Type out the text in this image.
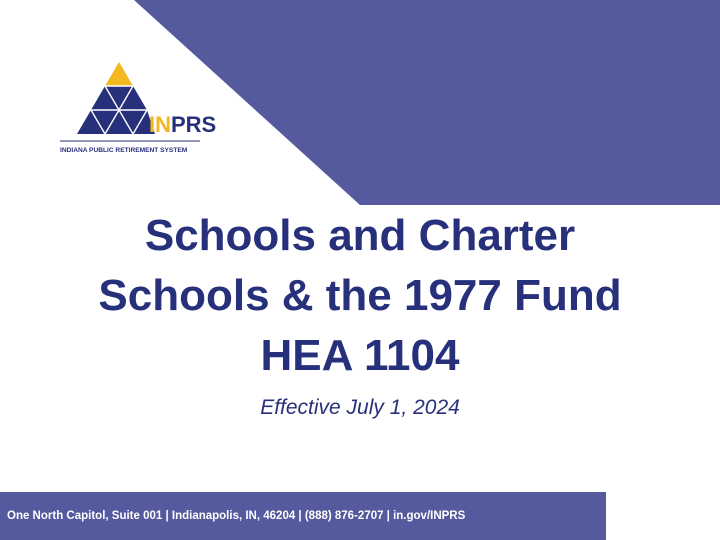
INPRS
INDIANA PUBLIC RETIREMENT SYSTEM
Schools and Charter
Schools & the 1977 Fund
HEA 1104

Effective July 1, 2024

One North Capitol, Suite 001 | Indianapolis, IN, 46204 | (888) 876-2707 | in.gov/INPRS
